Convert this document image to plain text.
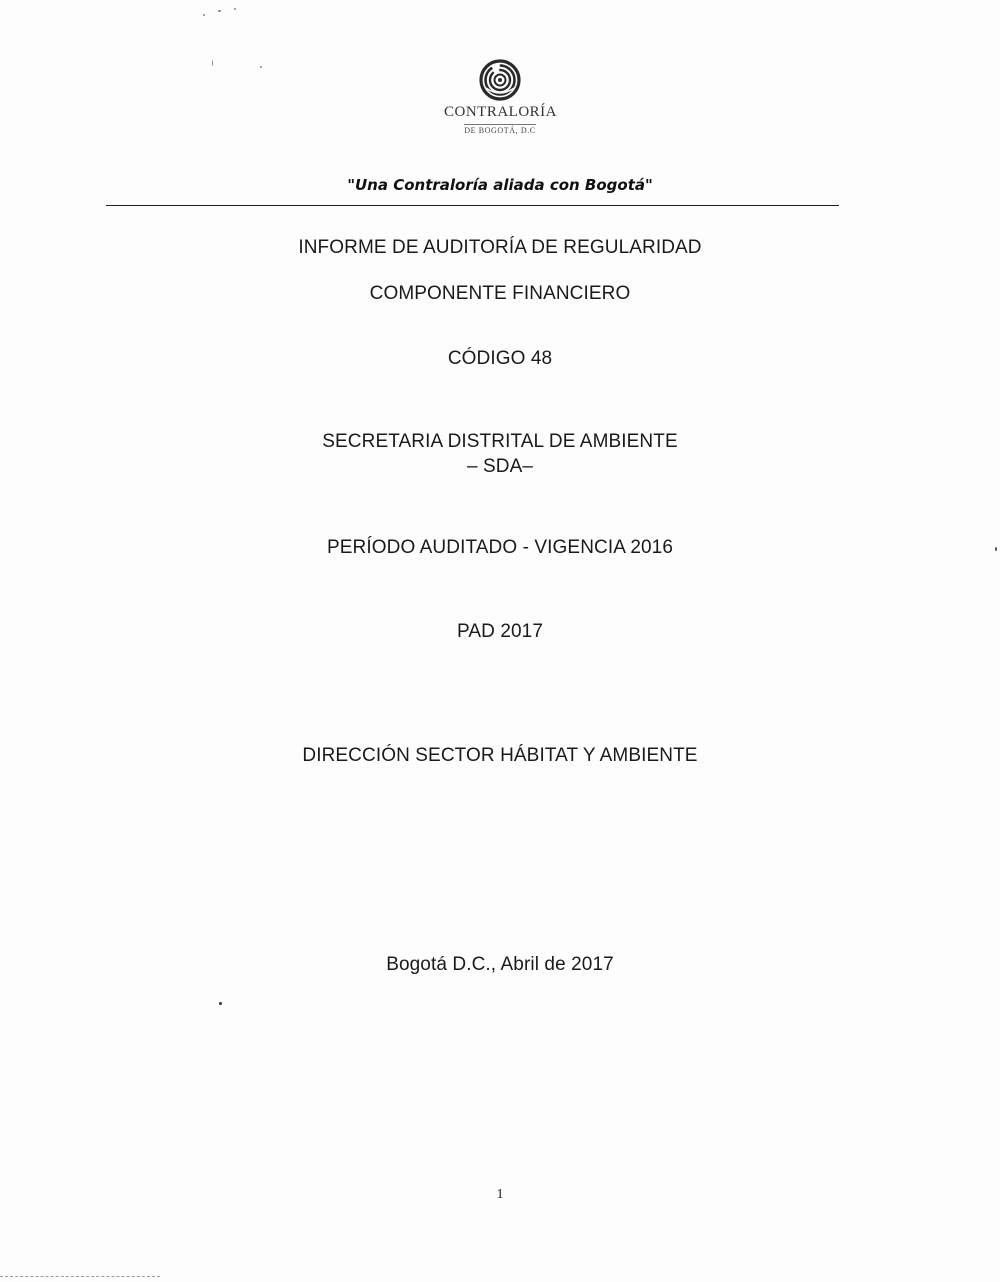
CONTRALORÍA
DE BOGOTÁ, D.C
"Una Contraloría aliada con Bogotá"
INFORME DE AUDITORÍA DE REGULARIDAD
COMPONENTE FINANCIERO
CÓDIGO 48
SECRETARIA DISTRITAL DE AMBIENTE
– SDA–
PERÍODO AUDITADO - VIGENCIA 2016
PAD 2017
DIRECCIÓN SECTOR HÁBITAT Y AMBIENTE
Bogotá D.C., Abril de 2017
1
